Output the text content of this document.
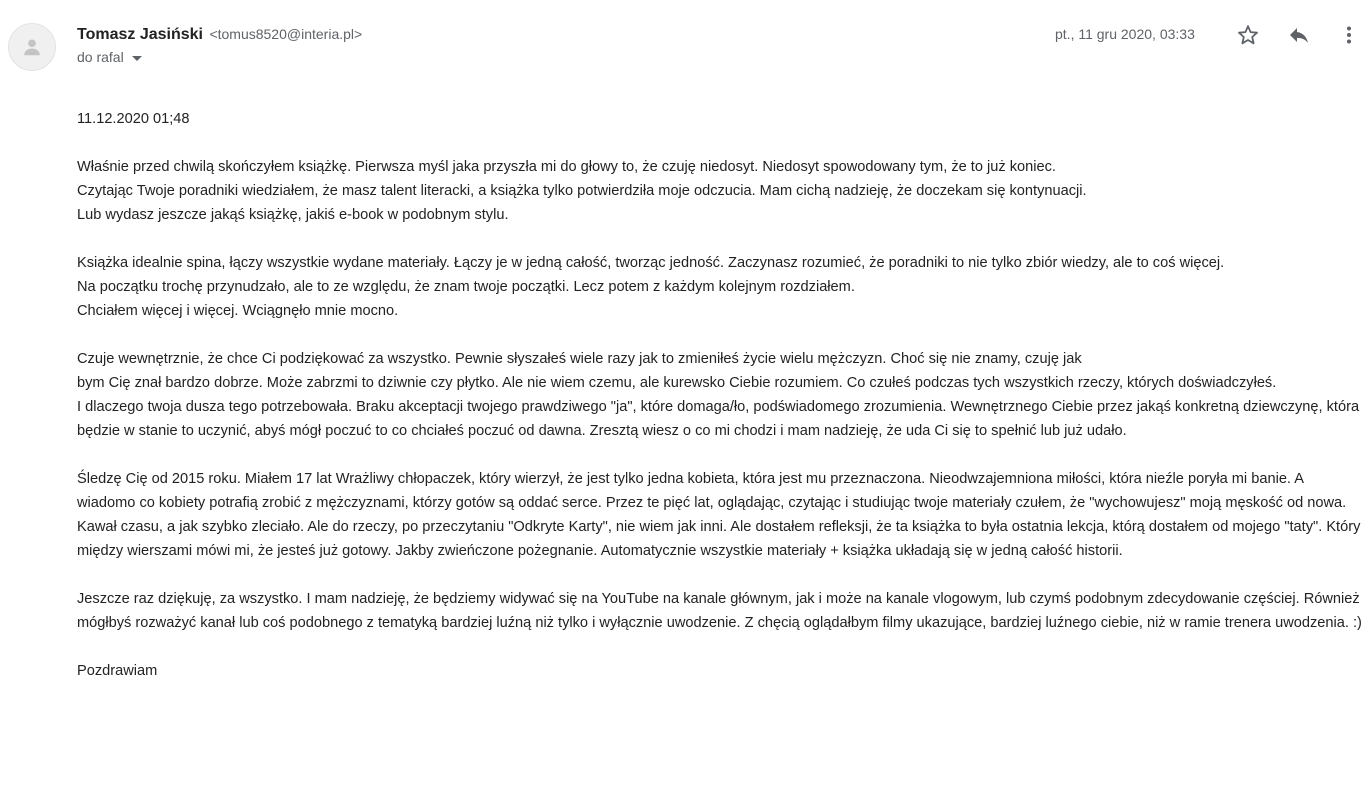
Tomasz Jasiński <tomus8520@interia.pl>
do rafal
pt., 11 gru 2020, 03:33

11.12.2020 01;48

Właśnie przed chwilą skończyłem książkę. Pierwsza myśl jaka przyszła mi do głowy to, że czuję niedosyt. Niedosyt spowodowany tym, że to już koniec.
Czytając Twoje poradniki wiedziałem, że masz talent literacki, a książka tylko potwierdziła moje odczucia. Mam cichą nadzieję, że doczekam się kontynuacji.
Lub wydasz jeszcze jakąś książkę, jakiś e-book w podobnym stylu.

Książka idealnie spina, łączy wszystkie wydane materiały. Łączy je w jedną całość, tworząc jedność. Zaczynasz rozumieć, że poradniki to nie tylko zbiór wiedzy, ale to coś więcej.
Na początku trochę przynudzało, ale to ze względu, że znam twoje początki. Lecz potem z każdym kolejnym rozdziałem.
Chciałem więcej i więcej. Wciągnęło mnie mocno.

Czuje wewnętrznie, że chce Ci podziękować za wszystko. Pewnie słyszałeś wiele razy jak to zmieniłeś życie wielu mężczyzn. Choć się nie znamy, czuję jak
bym Cię znał bardzo dobrze. Może zabrzmi to dziwnie czy płytko. Ale nie wiem czemu, ale kurewsko Ciebie rozumiem. Co czułeś podczas tych wszystkich rzeczy, których doświadczyłeś.
I dlaczego twoja dusza tego potrzebowała. Braku akceptacji twojego prawdziwego "ja", które domaga/ło, podświadomego zrozumienia. Wewnętrznego Ciebie przez jakąś konkretną dziewczynę, która będzie w stanie to uczynić, abyś mógł poczuć to co chciałeś poczuć od dawna. Zresztą wiesz o co mi chodzi i mam nadzieję, że uda Ci się to spełnić lub już udało.

Śledzę Cię od 2015 roku. Miałem 17 lat Wrażliwy chłopaczek, który wierzył, że jest tylko jedna kobieta, która jest mu przeznaczona. Nieodwzajemniona miłości, która nieźle poryła mi banie. A wiadomo co kobiety potrafią zrobić z mężczyznami, którzy gotów są oddać serce. Przez te pięć lat, oglądając, czytając i studiując twoje materiały czułem, że "wychowujesz" moją męskość od nowa. Kawał czasu, a jak szybko zleciało. Ale do rzeczy, po przeczytaniu "Odkryte Karty", nie wiem jak inni. Ale dostałem refleksji, że ta książka to była ostatnia lekcja, którą dostałem od mojego "taty". Który między wierszami mówi mi, że jesteś już gotowy. Jakby zwieńczone pożegnanie. Automatycznie wszystkie materiały + książka układają się w jedną całość historii.

Jeszcze raz dziękuję, za wszystko. I mam nadzieję, że będziemy widywać się na YouTube na kanale głównym, jak i może na kanale vlogowym, lub czymś podobnym zdecydowanie częściej. Również
mógłbyś rozważyć kanał lub coś podobnego z tematyką bardziej luźną niż tylko i wyłącznie uwodzenie. Z chęcią oglądałbym filmy ukazujące, bardziej luźnego ciebie, niż w ramie trenera uwodzenia. :)

Pozdrawiam
